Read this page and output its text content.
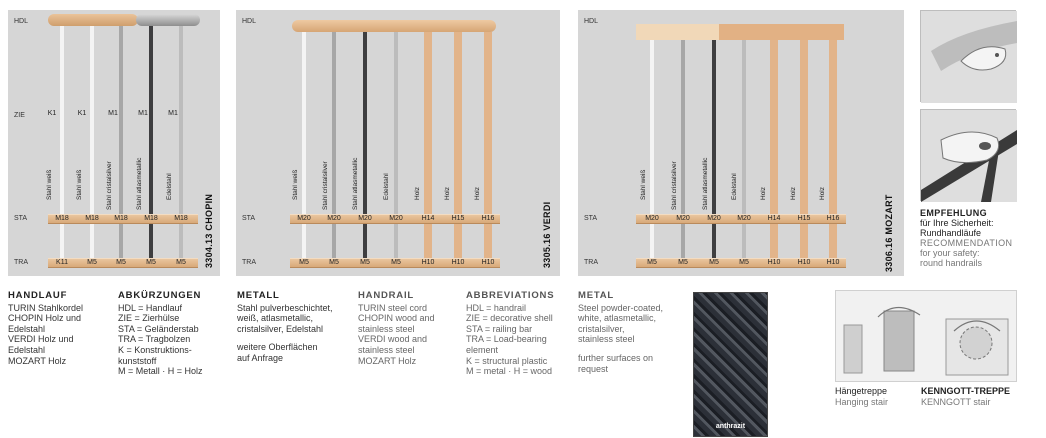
HDL
ZIE
STA
TRA
K1	K1	M1	M1	M1
Stahl weiß	Stahl weiß	Stahl cristalsilver	Stahl atlasmetallic	Edelstahl
M18	M18	M18	M18	M18
K11	M5	M5	M5	M5	3304.13 CHOPIN
HDL
STA
TRA
Stahl weiß	Stahl cristalsilver	Stahl atlasmetallic	Edelstahl	Holz	Holz	Holz
M20	M20	M20	M20	H14	H15	H16
M5	M5	M5	M5	H10	H10	H10	3305.16 VERDI
HDL
STA
TRA
Stahl weiß	Stahl cristalsilver	Stahl atlasmetallic	Edelstahl	Holz	Holz	Holz
M20	M20	M20	M20	H14	H15	H16
M5	M5	M5	M5	H10	H10	H10	3306.16 MOZART	EMPFEHLUNG
für Ihre Sicherheit:
Rundhandläufe
RECOMMENDATION
for your safety:
round handrails
HANDLAUF
TURIN Stahlkordel
CHOPIN Holz und
Edelstahl
VERDI Holz und
Edelstahl
MOZART Holz
ABKÜRZUNGEN
HDL = Handlauf
ZIE = Zierhülse
STA = Geländerstab
TRA = Tragbolzen
K = Konstruktions-
kunststoff
M = Metall · H = Holz
METALL
Stahl pulverbeschichtet,
weiß, atlasmetallic,
cristalsilver, Edelstahl
weitere Oberflächen
auf Anfrage
HANDRAIL
TURIN steel cord
CHOPIN wood and
stainless steel
VERDI wood and
stainless steel
MOZART Holz
ABBREVIATIONS
HDL = handrail
ZIE = decorative shell
STA = railing bar
TRA = Load-bearing
element
K = structural plastic
M = metal · H = wood
METAL
Steel powder-coated,
white, atlasmetallic,
cristalsilver,
stainless steel
further surfaces on
request
anthrazit
Hängetreppe
Hanging stair
KENNGOTT-TREPPE
KENNGOTT stair
